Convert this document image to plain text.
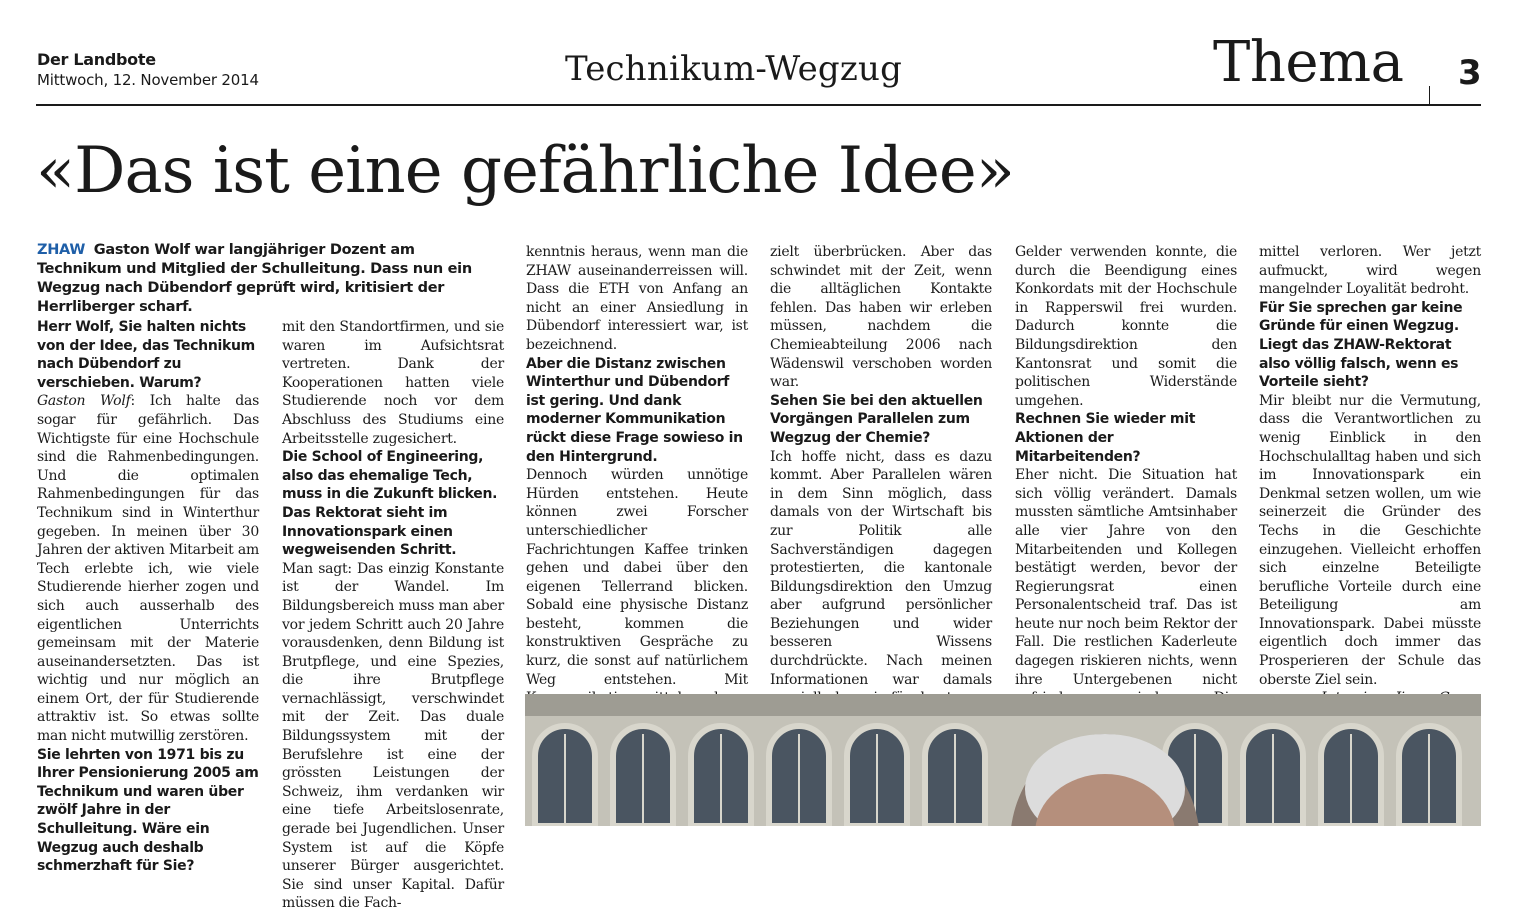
Der Landbote
Mittwoch, 12. November 2014	Technikum-Wegzug	Thema 3
«Das ist eine gefährliche Idee»
ZHAW Gaston Wolf war langjähriger Dozent am Technikum und Mitglied der Schulleitung. Dass nun ein Wegzug nach Dübendorf geprüft wird, kritisiert der Herrliberger scharf.

Herr Wolf, Sie halten nichts von der Idee, das Technikum nach Dübendorf zu verschieben. Warum?

Gaston Wolf: Ich halte das sogar für gefährlich. Das Wichtigste für eine Hochschule sind die Rahmenbedingungen. Und die optimalen Rahmenbedingungen für das Technikum sind in Winterthur gegeben. In meinen über 30 Jahren der aktiven Mitarbeit am Tech erlebte ich, wie viele Studierende hierher zogen und sich auch ausserhalb des eigentlichen Unterrichts gemeinsam mit der Materie auseinandersetzten. Das ist wichtig und nur möglich an einem Ort, der für Studierende attraktiv ist. So etwas sollte man nicht mutwillig zerstören.

Sie lehrten von 1971 bis zu Ihrer Pensionierung 2005 am Technikum und waren über zwölf Jahre in der Schulleitung. Wäre ein Wegzug auch deshalb schmerzhaft für Sie?

mit den Standortfirmen, und sie waren im Aufsichtsrat vertreten. Dank der Kooperationen hatten viele Studierende noch vor dem Abschluss des Studiums eine Arbeitsstelle zugesichert.

Die School of Engineering, also das ehemalige Tech, muss in die Zukunft blicken. Das Rektorat sieht im Innovationspark einen wegweisenden Schritt.

Man sagt: Das einzig Konstante ist der Wandel. Im Bildungsbereich muss man aber vor jedem Schritt auch 20 Jahre vorausdenken, denn Bildung ist Brutpflege, und eine Spezies, die ihre Brutpflege vernachlässigt, verschwindet mit der Zeit. Das duale Bildungssystem mit der Berufslehre ist eine der grössten Leistungen der Schweiz, ihm verdanken wir eine tiefe Arbeitslosenrate, gerade bei Jugendlichen. Unser System ist auf die Köpfe unserer Bürger ausgerichtet. Sie sind unser Kapital. Dafür müssen die Fach-

kenntnis heraus, wenn man die ZHAW auseinanderreissen will. Dass die ETH von Anfang an nicht an einer Ansiedlung in Dübendorf interessiert war, ist bezeichnend.

Aber die Distanz zwischen Winterthur und Dübendorf ist gering. Und dank moderner Kommunikation rückt diese Frage sowieso in den Hintergrund.

Dennoch würden unnötige Hürden entstehen. Heute können zwei Forscher unterschiedlicher Fachrichtungen Kaffee trinken gehen und dabei über den eigenen Tellerrand blicken. Sobald eine physische Distanz besteht, kommen die konstruktiven Gespräche zu kurz, die sonst auf natürlichem Weg entstehen. Mit

zielt überbrücken. Aber das schwindet mit der Zeit, wenn die alltäglichen Kontakte fehlen. Das haben wir erleben müssen, nachdem die Chemieabteilung 2006 nach Wädenswil verschoben worden war.

Sehen Sie bei den aktuellen Vorgängen Parallelen zum Wegzug der Chemie?

Ich hoffe nicht, dass es dazu kommt. Aber Parallelen wären in dem Sinn möglich, dass damals von der Wirtschaft bis zur Politik alle Sachverständigen dagegen protestierten, die kantonale Bildungsdirektion den Umzug aber aufgrund persönlicher Beziehungen und wider besseren Wissens durchdrückte. Nach meinen Informationen war damals

Gelder verwenden konnte, die durch die Beendigung eines Konkordats mit der Hochschule in Rapperswil frei wurden. Dadurch konnte die Bildungsdirektion den Kantonsrat und somit die politischen Widerstände umgehen.

Rechnen Sie wieder mit Aktionen der Mitarbeitenden?

Eher nicht. Die Situation hat sich völlig verändert. Damals mussten sämtliche Amtsinhaber alle vier Jahre von den Mitarbeitenden und Kollegen bestätigt werden, bevor der Regierungsrat einen Personalentscheid traf. Das ist heute nur noch beim Rektor der Fall. Die restlichen Kaderleute dagegen riskieren nichts, wenn ihre Untergebenen nicht

mittel verloren. Wer jetzt aufmuckt, wird wegen mangelnder Loyalität bedroht.

Für Sie sprechen gar keine Gründe für einen Wegzug. Liegt das ZHAW-Rektorat also völlig falsch, wenn es Vorteile sieht?

Mir bleibt nur die Vermutung, dass die Verantwortlichen zu wenig Einblick in den Hochschulalltag haben und sich im Innovationspark ein Denkmal setzen wollen, um wie seinerzeit die Gründer des Techs in die Geschichte einzugehen. Vielleicht erhoffen sich einzelne Beteiligte berufliche Vorteile durch eine Beteiligung am Innovationspark. Dabei müsste eigentlich doch immer das Prosperieren der Schule das oberste Ziel sein.
